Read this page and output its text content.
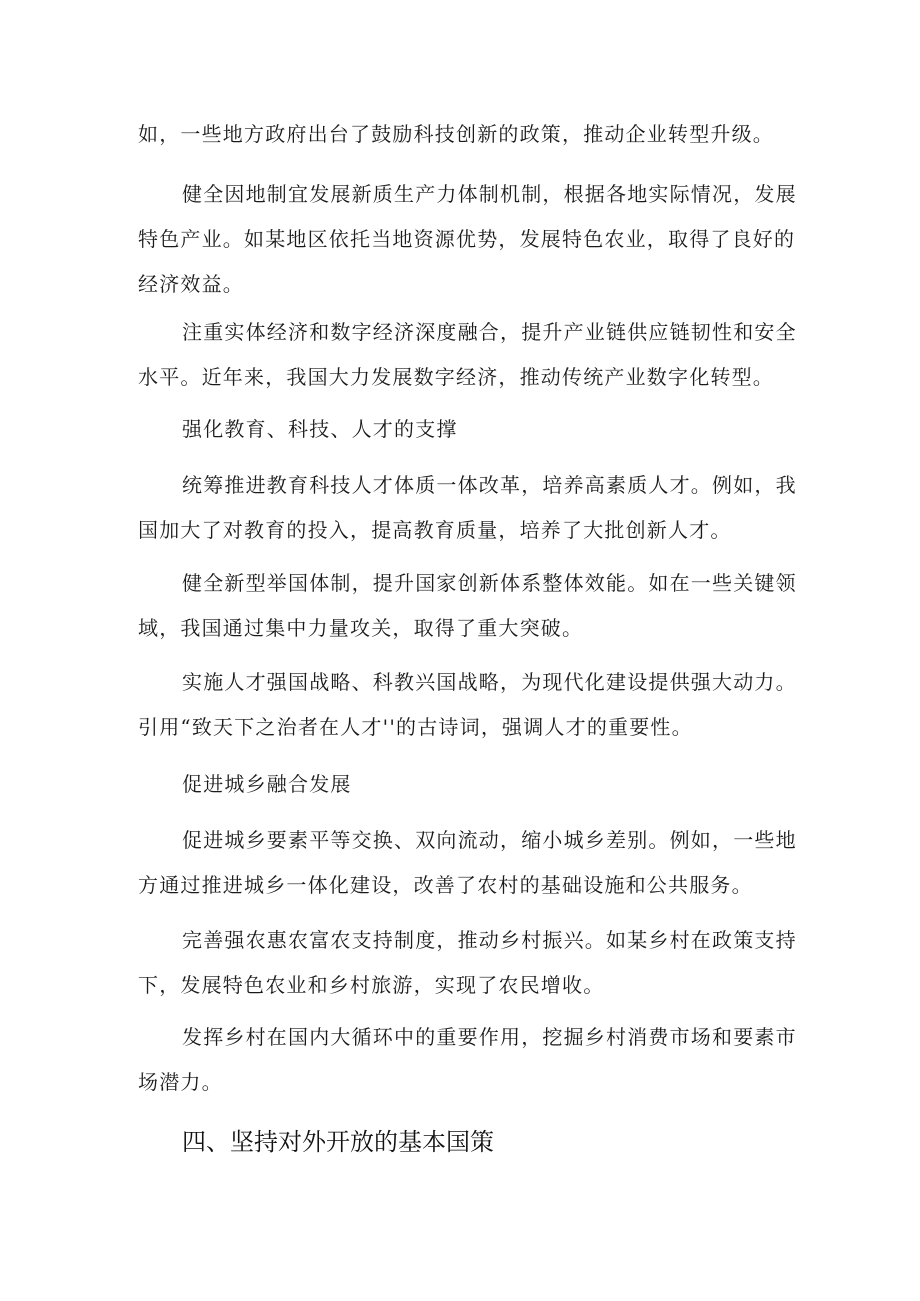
如，一些地方政府出台了鼓励科技创新的政策，推动企业转型升级。

健全因地制宜发展新质生产力体制机制，根据各地实际情况，发展特色产业。如某地区依托当地资源优势，发展特色农业，取得了良好的经济效益。

注重实体经济和数字经济深度融合，提升产业链供应链韧性和安全水平。近年来，我国大力发展数字经济，推动传统产业数字化转型。

强化教育、科技、人才的支撑

统筹推进教育科技人才体质一体改革，培养高素质人才。例如，我国加大了对教育的投入，提高教育质量，培养了大批创新人才。

健全新型举国体制，提升国家创新体系整体效能。如在一些关键领域，我国通过集中力量攻关，取得了重大突破。

实施人才强国战略、科教兴国战略，为现代化建设提供强大动力。引用“致天下之治者在人才''的古诗词，强调人才的重要性。

促进城乡融合发展

促进城乡要素平等交换、双向流动，缩小城乡差别。例如，一些地方通过推进城乡一体化建设，改善了农村的基础设施和公共服务。

完善强农惠农富农支持制度，推动乡村振兴。如某乡村在政策支持下，发展特色农业和乡村旅游，实现了农民增收。

发挥乡村在国内大循环中的重要作用，挖掘乡村消费市场和要素市场潜力。

四、坚持对外开放的基本国策
